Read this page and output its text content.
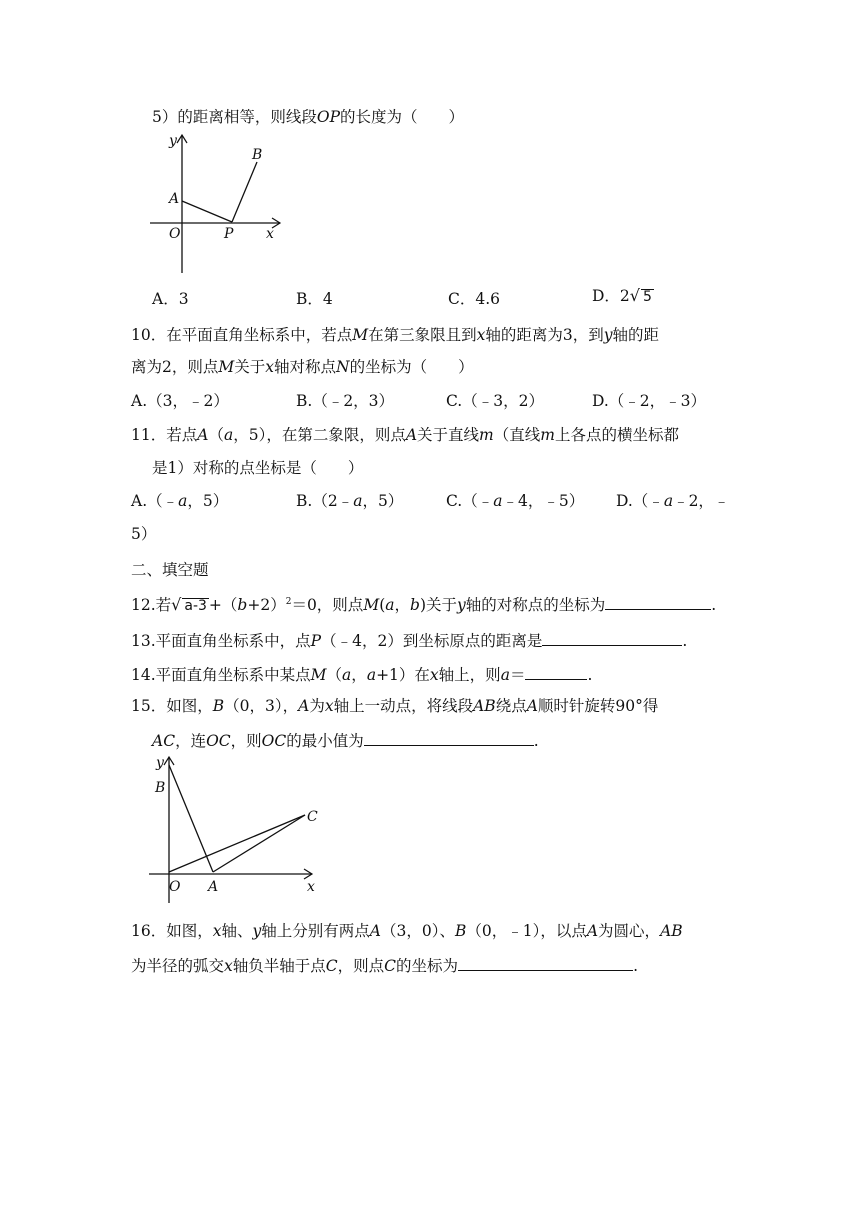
5）的距离相等，则线段OP的长度为（　　）
y
B
A
O	P x
A．3	B．4	C．4.6	D．2√ 5
10．在平面直角坐标系中，若点M在第三象限且到x轴的距离为3，到y轴的距
离为2，则点M关于x轴对称点N的坐标为（　　）
A.（3，﹣2）	B.（﹣2，3）	C.（﹣3，2）	D.（﹣2，﹣3）
11．若点A（a，5），在第二象限，则点A关于直线m（直线m上各点的横坐标都
是1）对称的点坐标是（　　）
A.（﹣a，5）	B.（2﹣a，5）	C.（﹣a﹣4，﹣5） D.（﹣a﹣2，﹣
5）
二、填空题
12.若√ $a-3 +(b+2)^2=0$，则点M(a，b)关于y轴的对称点的坐标为	.
13.平面直角坐标系中，点P（﹣4，2）到坐标原点的距离是	.
14.平面直角坐标系中某点M（a，a+1）在x轴上，则a＝	.
15．如图，B（0，3），A为x轴上一动点，将线段AB绕点A顺时针旋转90°得
AC，连OC，则OC的最小值为	.
y
B
C
O A	x
16．如图，x轴、y轴上分别有两点A（3，0）、B（0，﹣1），以点A为圆心，AB
为半径的弧交x轴负半轴于点C，则点C的坐标为	.
